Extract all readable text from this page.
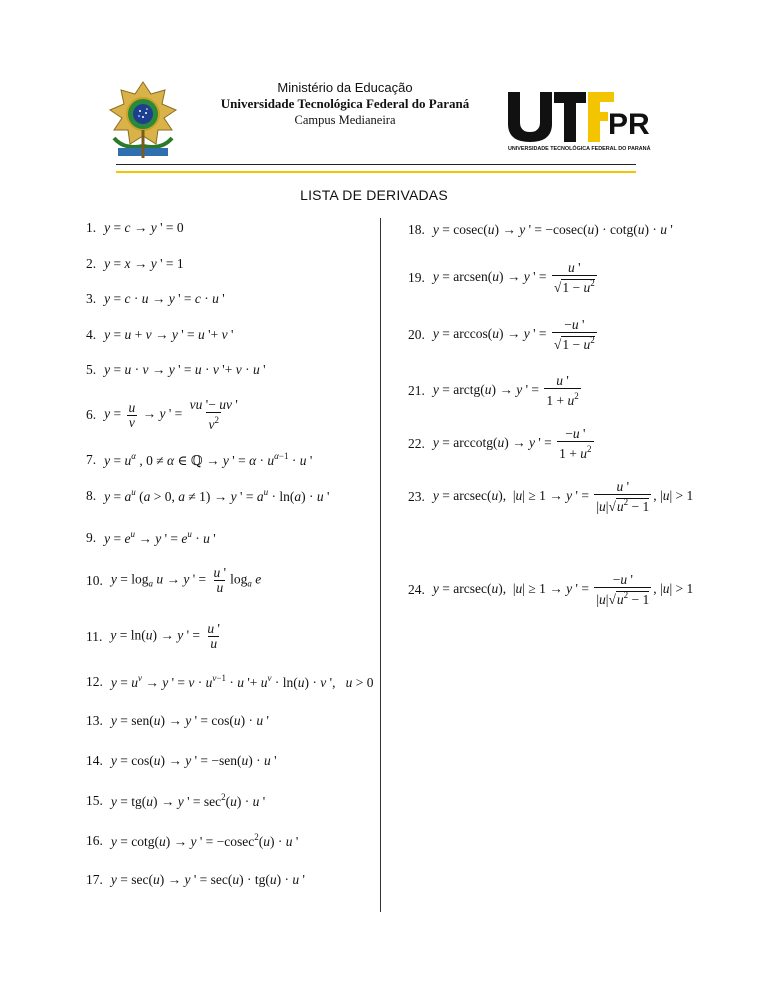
Ministério da Educação
Universidade Tecnológica Federal do Paraná
Campus Medianeira	PR
UNIVERSIDADE TECNOLÓGICA FEDERAL DO PARANÁ
LISTA DE DERIVADAS
1. y = c → y ' = 0
2. y = x → y ' = 1
3. y = c · u → y ' = c · u '
4. y = u + v → y ' = u '+ v '
5. y = u · v → y ' = u · v '+ v · u '
6. $y = \frac{u}{v} \to y$ ' = $\frac{vu '- uv '}{v^2}$
7. $y = u^\alpha$ , 0 ≠ α ∈ ℚ → y ' = $\alpha \cdot u^{\alpha-1} \cdot u$ '
8. $y = a^u$ (a > 0, a ≠ 1) → y ' = $a^u \cdot \ln(a) \cdot u$ '
9. $y = e^u \to y$ ' = $e^u \cdot u$ '
10. $y = \log_a u \to y$ ' = $\frac{u '}{u} \log_a e$
11. y = ln(u) → y ' = $\frac{u '}{u}$
12. $y = u^v \to y$ ' = $v \cdot u^{v-1} \cdot u$ '+ $u^v \cdot \ln(u) \cdot v$ ',   u > 0
13. y = sen(u) → y ' = cos(u) · u '
14. y = cos(u) → y ' = −sen(u) · u '
15. y = tg(u) → y ' = $\sec^2(u) \cdot u$ '
16. y = cotg(u) → y ' = −cosec$^2$(u) · u '
17. y = sec(u) → y ' = sec(u) · tg(u) · u '
18. y = cosec(u) → y ' = −cosec(u) · cotg(u) · u '
19. y = arcsen(u) → y ' = $\frac{u '}{√1 - u^2}$
20. y = arccos(u) → y ' = $\frac{-u '}{√1 - u^2}$
21. y = arctg(u) → y ' = $\frac{u '}{1 + u^2}$
22. y = arccotg(u) → y ' = $\frac{-u '}{1 + u^2}$
23. y = arcsec(u),  |u| ≥ 1 → y ' = $\frac{u '}{|u|√u^2 - 1}$ , |u| > 1
24. y = arcsec(u),  |u| ≥ 1 → y ' = $\frac{-u '}{|u|√u^2 - 1}$ , |u| > 1
